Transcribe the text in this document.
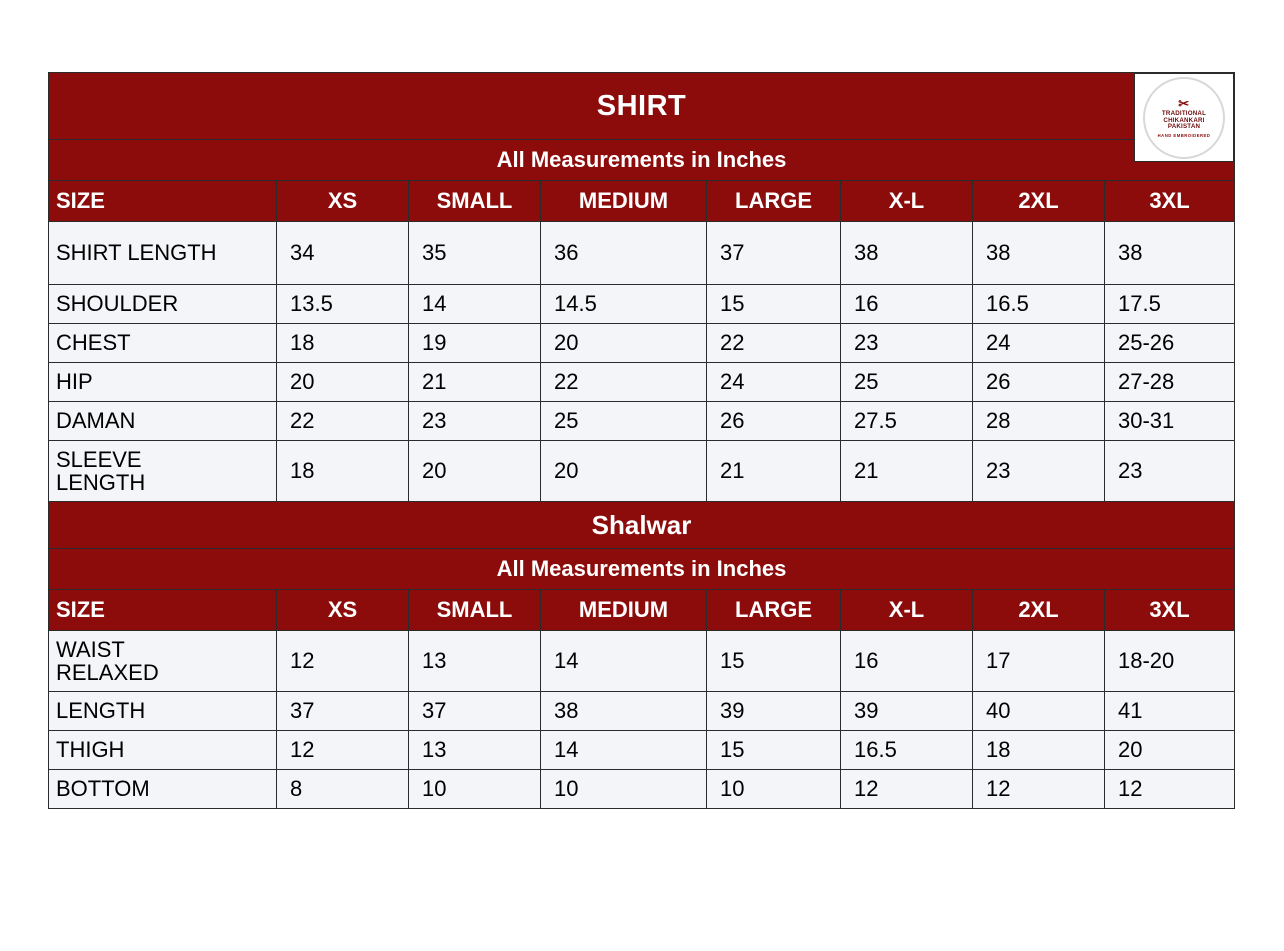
SHIRT	✂
TRADITIONAL
CHIKANKARI
PAKISTAN
HAND EMBROIDERED

All Measurements in Inches							
SIZE	XS	SMALL	MEDIUM	LARGE	X-L	2XL	3XL
SHIRT LENGTH	34	35	36	37	38	38	38
SHOULDER	13.5	14	14.5	15	16	16.5	17.5
CHEST	18	19	20	22	23	24	25-26
HIP	20	21	22	24	25	26	27-28
DAMAN	22	23	25	26	27.5	28	30-31
SLEEVE
LENGTH	18	20	20	21	21	23	23
Shalwar							
All Measurements in Inches							
SIZE	XS	SMALL	MEDIUM	LARGE	X-L	2XL	3XL
WAIST
RELAXED	12	13	14	15	16	17	18-20
LENGTH	37	37	38	39	39	40	41
THIGH	12	13	14	15	16.5	18	20
BOTTOM	8	10	10	10	12	12	12
